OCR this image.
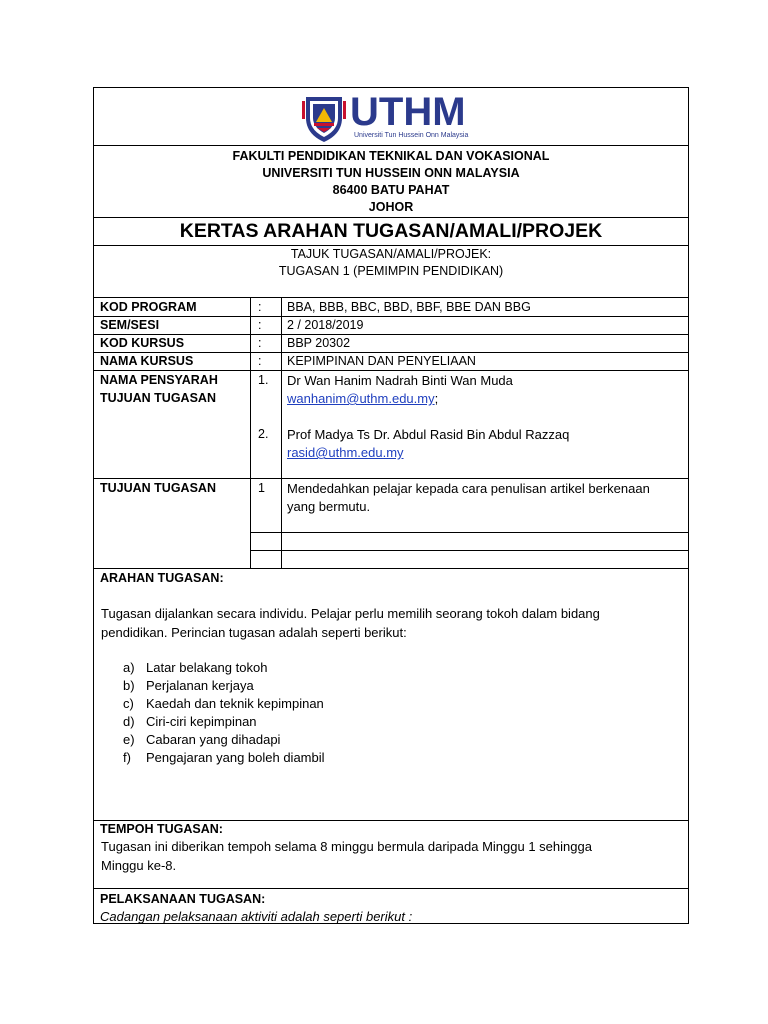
UTHM
Universiti Tun Hussein Onn Malaysia
FAKULTI PENDIDIKAN TEKNIKAL DAN VOKASIONAL
UNIVERSITI TUN HUSSEIN ONN MALAYSIA
86400 BATU PAHAT
JOHOR
KERTAS ARAHAN TUGASAN/AMALI/PROJEK
TAJUK TUGASAN/AMALI/PROJEK:
TUGASAN 1 (PEMIMPIN PENDIDIKAN)
KOD PROGRAM	: BBA, BBB, BBC, BBD, BBF, BBE DAN BBG
SEM/SESI	: 2 / 2018/2019
KOD KURSUS	: BBP 20302
NAMA KURSUS	: KEPIMPINAN DAN PENYELIAAN
NAMA PENSYARAH
TUJUAN TUGASAN
1. Dr Wan Hanim Nadrah Binti Wan Muda
wanhanim@uthm.edu.my;
2. Prof Madya Ts Dr. Abdul Rasid Bin Abdul Razzaq
rasid@uthm.edu.my
TUJUAN TUGASAN	1 Mendedahkan pelajar kepada cara penulisan artikel berkenaan
yang bermutu.
ARAHAN TUGASAN:
Tugasan dijalankan secara individu. Pelajar perlu memilih seorang tokoh dalam bidang
pendidikan. Perincian tugasan adalah seperti berikut:
a) Latar belakang tokoh
b) Perjalanan kerjaya
c) Kaedah dan teknik kepimpinan
d) Ciri-ciri kepimpinan
e) Cabaran yang dihadapi
f) Pengajaran yang boleh diambil
TEMPOH TUGASAN:
Tugasan ini diberikan tempoh selama 8 minggu bermula daripada Minggu 1 sehingga
Minggu ke-8.
PELAKSANAAN TUGASAN:
Cadangan pelaksanaan aktiviti adalah seperti berikut :
